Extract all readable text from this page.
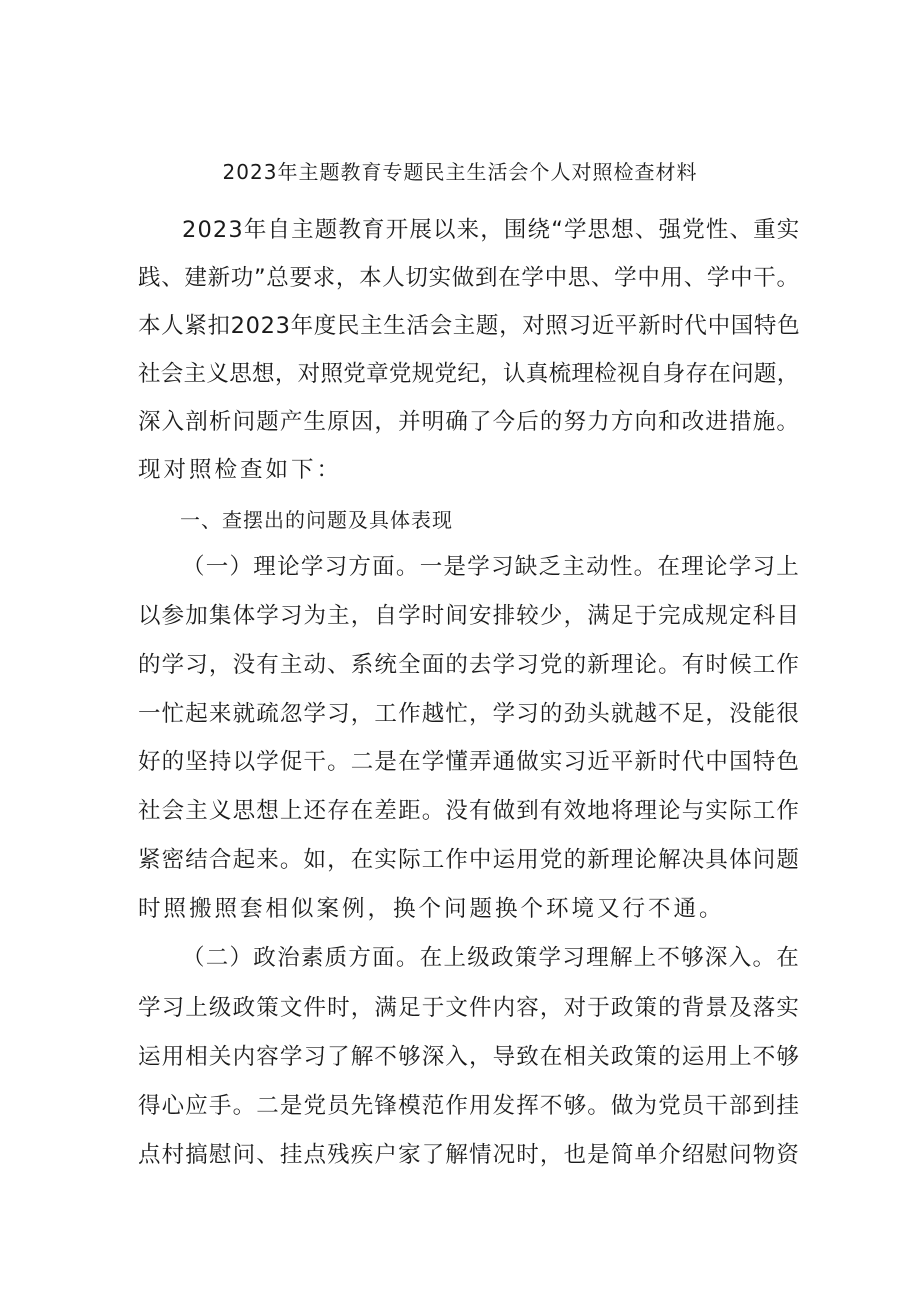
2023年主题教育专题民主生活会个人对照检查材料
2023年自主题教育开展以来，围绕“学思想、强党性、重实
践、建新功”总要求，本人切实做到在学中思、学中用、学中干。
本人紧扣2023年度民主生活会主题，对照习近平新时代中国特色
社会主义思想，对照党章党规党纪，认真梳理检视自身存在问题，
深入剖析问题产生原因，并明确了今后的努力方向和改进措施。
现对照检查如下：
一、查摆出的问题及具体表现
（一）理论学习方面。一是学习缺乏主动性。在理论学习上
以参加集体学习为主，自学时间安排较少，满足于完成规定科目
的学习，没有主动、系统全面的去学习党的新理论。有时候工作
一忙起来就疏忽学习，工作越忙，学习的劲头就越不足，没能很
好的坚持以学促干。二是在学懂弄通做实习近平新时代中国特色
社会主义思想上还存在差距。没有做到有效地将理论与实际工作
紧密结合起来。如，在实际工作中运用党的新理论解决具体问题
时照搬照套相似案例，换个问题换个环境又行不通。
（二）政治素质方面。在上级政策学习理解上不够深入。在
学习上级政策文件时，满足于文件内容，对于政策的背景及落实
运用相关内容学习了解不够深入，导致在相关政策的运用上不够
得心应手。二是党员先锋模范作用发挥不够。做为党员干部到挂
点村搞慰问、挂点残疾户家了解情况时，也是简单介绍慰问物资
